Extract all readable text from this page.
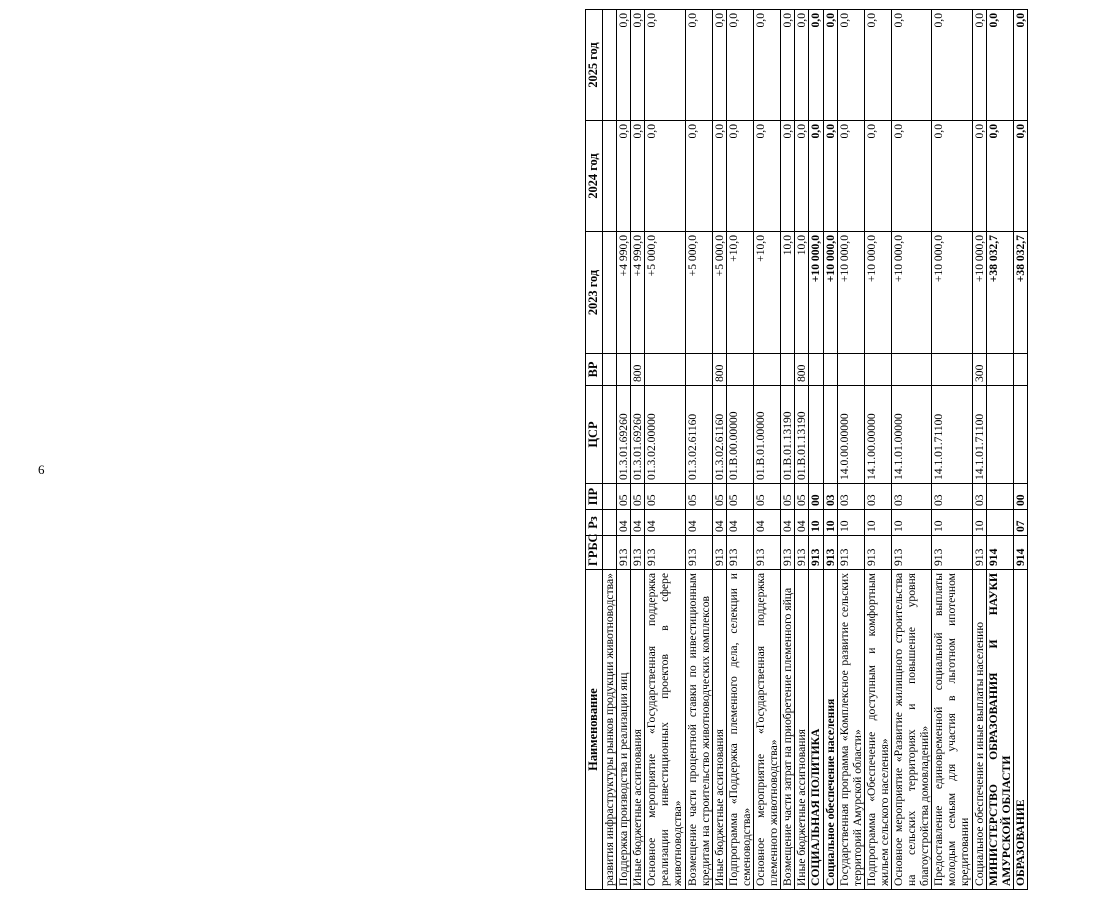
6
Наименование	ГРБС	Рз	ПР	ЦСР	ВР	2023 год	2024 год	2025 год
развития инфраструктуры рынков продукции животноводства»								
Поддержка производства и реализации яиц	913	04	05	01.3.01.69260		+4 990,0	0,0	0,0
Иные бюджетные ассигнования	913	04	05	01.3.01.69260	800	+4 990,0	0,0	0,0
Основное мероприятие «Государственная поддержка реализации инвестиционных проектов в сфере животноводства»	913	04	05	01.3.02.00000		+5 000,0	0,0	0,0
Возмещение части процентной ставки по инвестиционным кредитам на строительство животноводческих комплексов	913	04	05	01.3.02.61160		+5 000,0	0,0	0,0
Иные бюджетные ассигнования	913	04	05	01.3.02.61160	800	+5 000,0	0,0	0,0
Подпрограмма «Поддержка племенного дела, селекции и семеноводства»	913	04	05	01.В.00.00000		+10,0	0,0	0,0
Основное мероприятие «Государственная поддержка племенного животноводства»	913	04	05	01.В.01.00000		+10,0	0,0	0,0
Возмещение части затрат на приобретение племенного яйца	913	04	05	01.В.01.13190		10,0	0,0	0,0
Иные бюджетные ассигнования	913	04	05	01.В.01.13190	800	10,0	0,0	0,0
СОЦИАЛЬНАЯ ПОЛИТИКА	913	10	00			+10 000,0	0,0	0,0
Социальное обеспечение населения	913	10	03			+10 000,0	0,0	0,0
Государственная программа «Комплексное развитие сельских территорий Амурской области»	913	10	03	14.0.00.00000		+10 000,0	0,0	0,0
Подпрограмма «Обеспечение доступным и комфортным жильем сельского населения»	913	10	03	14.1.00.00000		+10 000,0	0,0	0,0
Основное мероприятие «Развитие жилищного строительства на сельских территориях и повышение уровня благоустройства домовладений»	913	10	03	14.1.01.00000		+10 000,0	0,0	0,0
Предоставление единовременной социальной выплаты молодым семьям для участия в льготном ипотечном кредитовании	913	10	03	14.1.01.71100		+10 000,0	0,0	0,0
Социальное обеспечение и иные выплаты населению	913	10	03	14.1.01.71100	300	+10 000,0	0,0	0,0
МИНИСТЕРСТВО ОБРАЗОВАНИЯ И НАУКИ АМУРСКОЙ ОБЛАСТИ	914					+38 032,7	0,0	0,0
ОБРАЗОВАНИЕ	914	07	00			+38 032,7	0,0	0,0
